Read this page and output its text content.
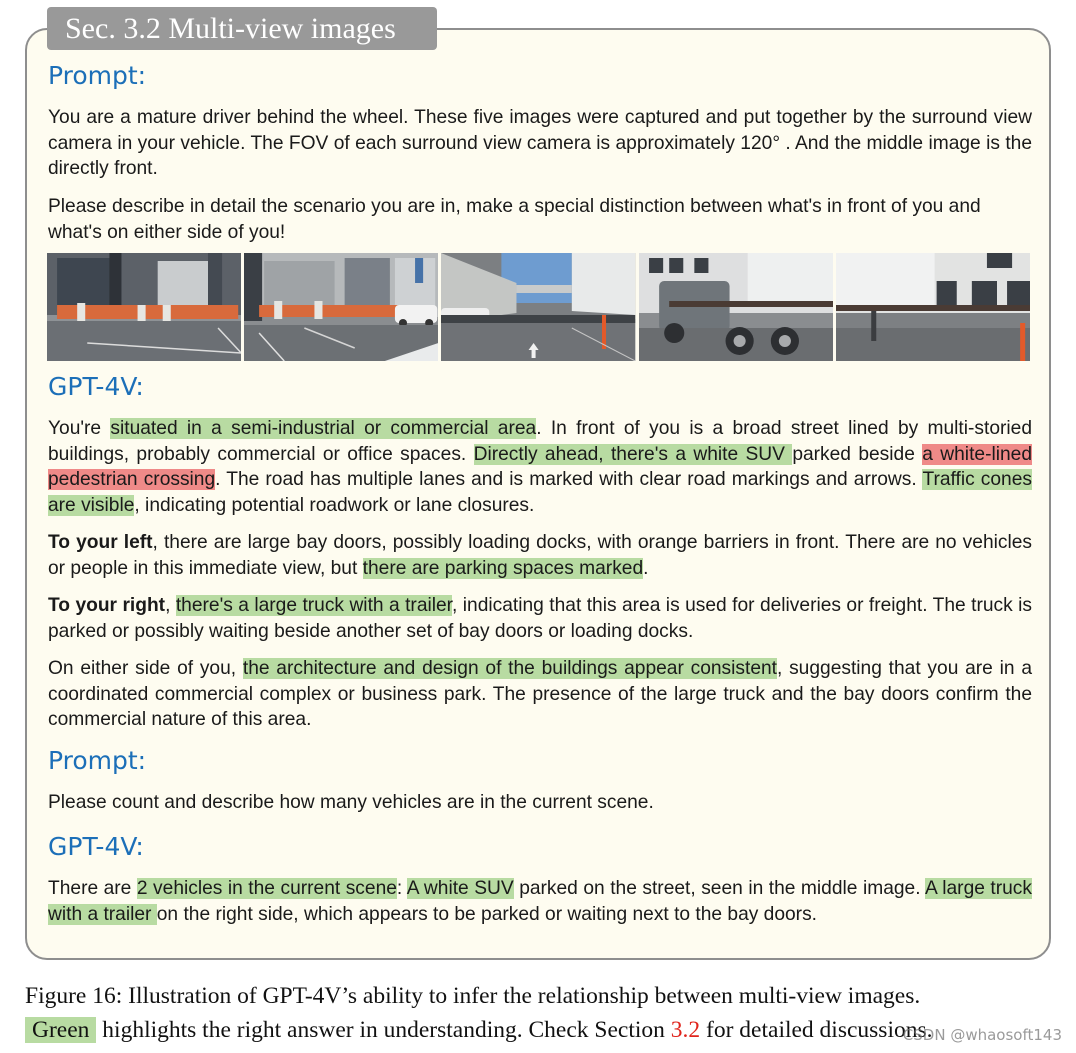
Sec. 3.2 Multi-view images
Prompt:

You are a mature driver behind the wheel. These five images were captured and put together by the surround view camera in your vehicle. The FOV of each surround view camera is approximately 120° . And the middle image is the directly front.

Please describe in detail the scenario you are in, make a special distinction between what's in front of you and what's on either side of you!

GPT-4V:

You're situated in a semi-industrial or commercial area. In front of you is a broad street lined by multi-storied buildings, probably commercial or office spaces. Directly ahead, there's a white SUV parked beside a white-lined pedestrian crossing. The road has multiple lanes and is marked with clear road markings and arrows. Traffic cones are visible, indicating potential roadwork or lane closures.

To your left, there are large bay doors, possibly loading docks, with orange barriers in front. There are no vehicles or people in this immediate view, but there are parking spaces marked.

To your right, there's a large truck with a trailer, indicating that this area is used for deliveries or freight. The truck is parked or possibly waiting beside another set of bay doors or loading docks.

On either side of you, the architecture and design of the buildings appear consistent, suggesting that you are in a coordinated commercial complex or business park. The presence of the large truck and the bay doors confirm the commercial nature of this area.

Prompt:

Please count and describe how many vehicles are in the current scene.

GPT-4V:

There are 2 vehicles in the current scene: A white SUV parked on the street, seen in the middle image. A large truck with a trailer on the right side, which appears to be parked or waiting next to the bay doors.

Figure 16: Illustration of GPT-4V’s ability to infer the relationship between multi-view images.
Green highlights the right answer in understanding. Check Section 3.2 for detailed discussions.
CSDN @whaosoft143
